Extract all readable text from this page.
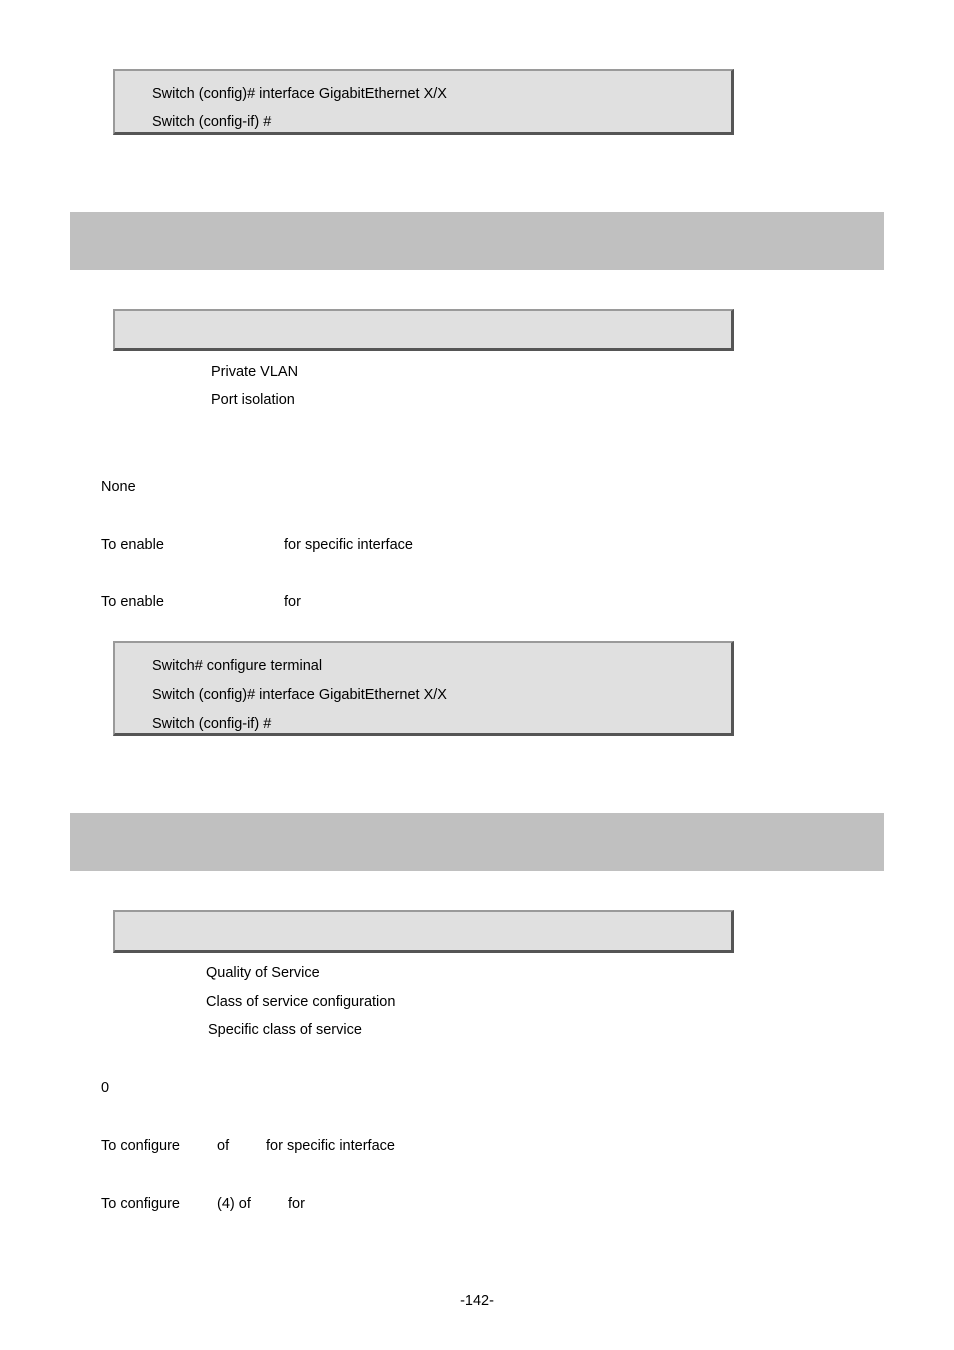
Switch (config)# interface GigabitEthernet X/X
Switch (config-if) #
Private VLAN
Port isolation
None
To enable	for specific interface
To enable	for
Switch# configure terminal
Switch (config)# interface GigabitEthernet X/X
Switch (config-if) #
Quality of Service
Class of service configuration
Specific class of service
0
To configure	of	for specific interface
To configure	(4) of	for
-142-
